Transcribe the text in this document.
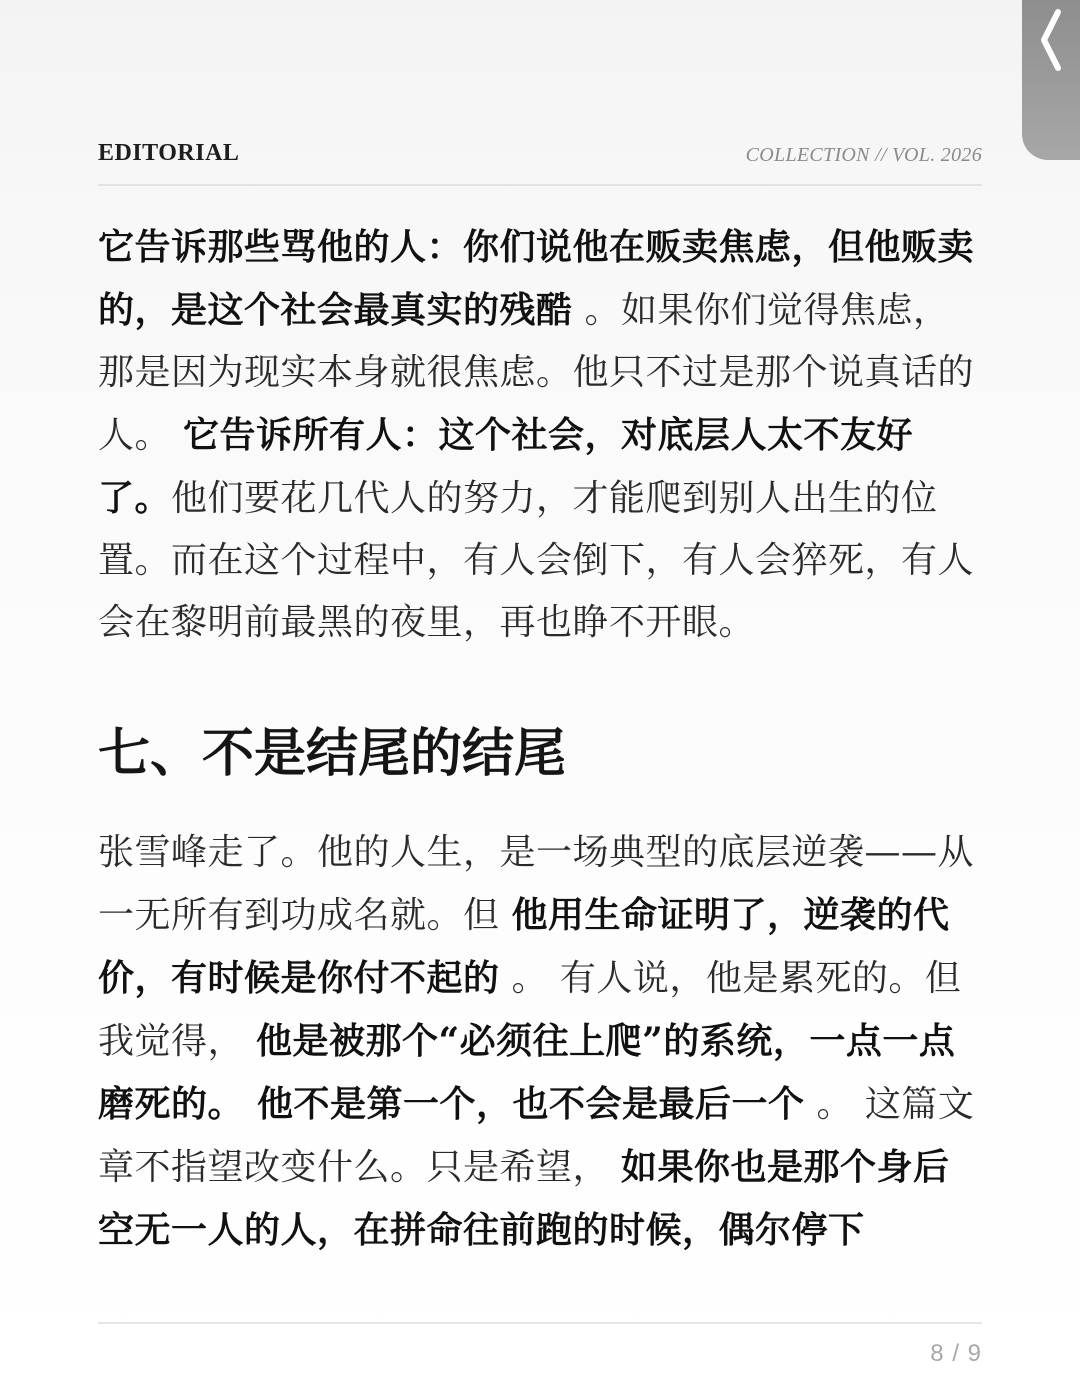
EDITORIAL	COLLECTION // VOL. 2026

它告诉那些骂他的人：你们说他在贩卖焦虑，但他贩卖的，是这个社会最真实的残酷 。如果你们觉得焦虑，那是因为现实本身就很焦虑。他只不过是那个说真话的人。 它告诉所有人：这个社会，对底层人太不友好了。他们要花几代人的努力，才能爬到别人出生的位置。而在这个过程中，有人会倒下，有人会猝死，有人会在黎明前最黑的夜里，再也睁不开眼。

七、不是结尾的结尾

张雪峰走了。他的人生，是一场典型的底层逆袭——从一无所有到功成名就。但 他用生命证明了，逆袭的代价，有时候是你付不起的 。 有人说，他是累死的。但我觉得， 他是被那个“必须往上爬”的系统，一点一点磨死的。 他不是第一个，也不会是最后一个 。 这篇文章不指望改变什么。只是希望， 如果你也是那个身后空无一人的人，在拼命往前跑的时候，偶尔停下

8 / 9
